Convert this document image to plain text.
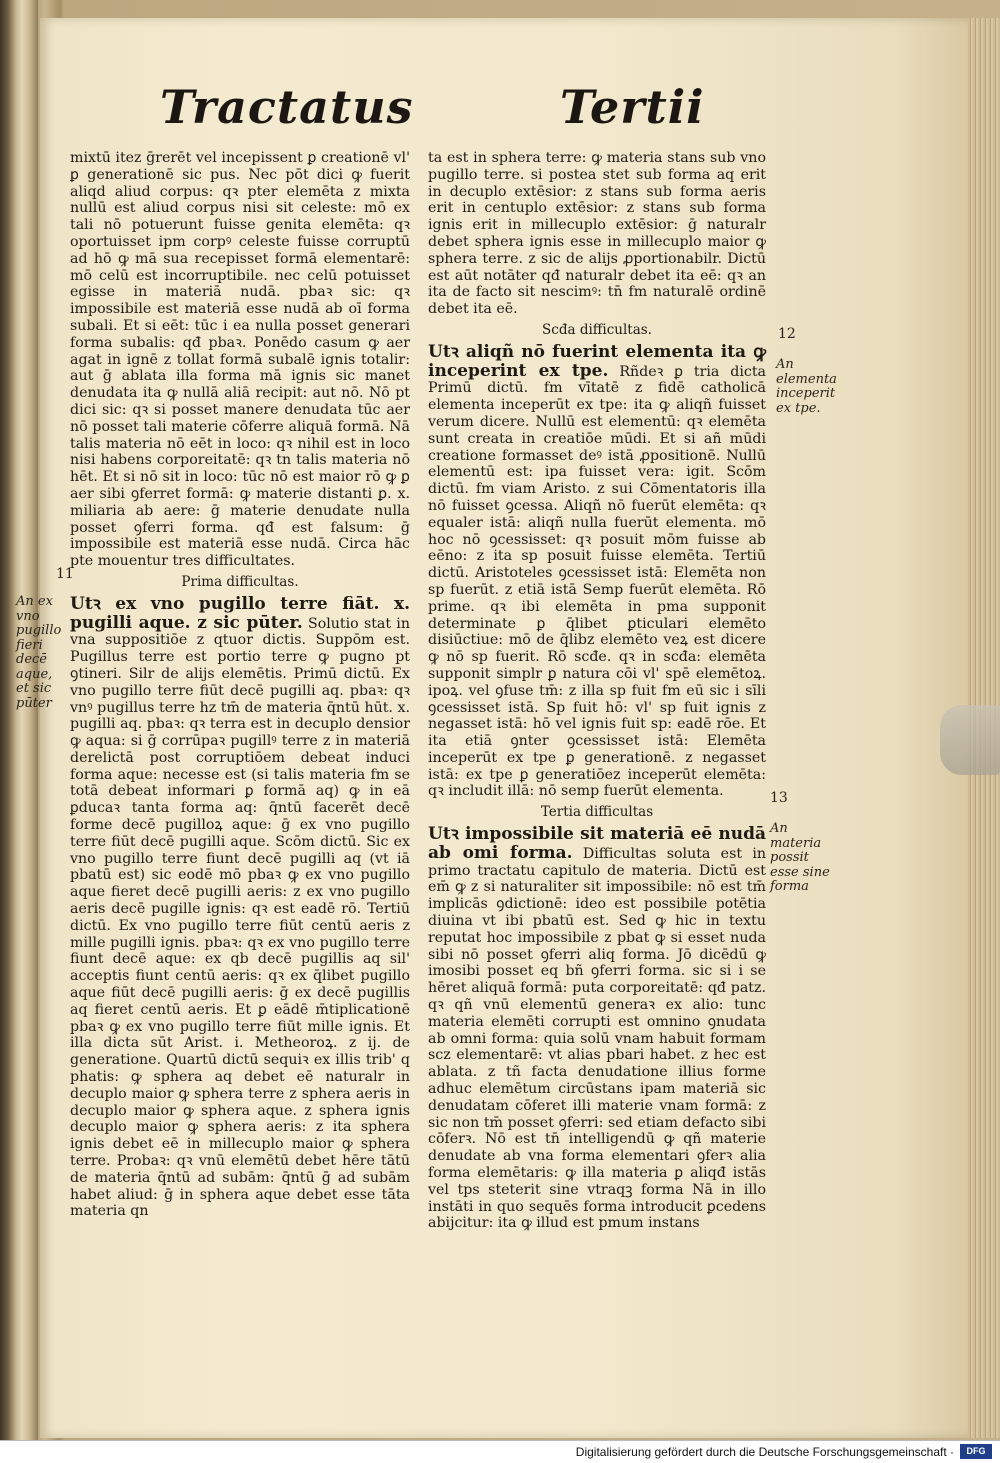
Tractatus	Tertii

mixtū itez ḡrerēt vel incepissent ꝑ creationē vl' ꝑ generationē sic pus. Nec pōt dici ꝙ fuerit aliqd aliud corpus: qꝛ pter elemēta z mixta nullū est aliud corpus nisi sit celeste: mō ex tali nō potuerunt fuisse genita elemēta: qꝛ oportuisset ipm corpꝰ celeste fuisse corruptū ad hō ꝙ mā sua recepisset formā elementarē: mō celū est incorruptibile. nec celū potuisset egisse in materiā nudā. pbaꝛ sic: qꝛ impossibile est materiā esse nudā ab oī forma subali. Et si eēt: tūc i ea nulla posset generari forma subalis: qđ pbaꝛ. Ponēdo casum ꝙ aer agat in ignē z tollat formā subalē ignis totalir: aut ḡ ablata illa forma mā ignis sic manet denudata ita ꝙ nullā aliā recipit: aut nō. Nō pt dici sic: qꝛ si posset manere denudata tūc aer nō posset tali materie cōferre aliquā formā. Nā talis materia nō eēt in loco: qꝛ nihil est in loco nisi habens corporeitatē: qꝛ tn talis materia nō hēt. Et si nō sit in loco: tūc nō est maior rō ꝙ ꝑ aer sibi ꝯferret formā: ꝙ materie distanti ꝑ. x. miliaria ab aere: ḡ materie denudate nulla posset ꝯferri forma. qđ est falsum: ḡ impossibile est materiā esse nudā. Circa hāc pte mouentur tres difficultates.

Prima difficultas.

Utꝛ ex vno pugillo terre fiāt. x. pugilli aque. z sic pūter. Solutio stat in vna suppositiōe z qtuor dictis. Suppōm est. Pugillus terre est portio terre ꝙ pugno pt ꝯtineri. Silr de alijs elemētis. Primū dictū. Ex vno pugillo terre fiūt decē pugilli aq. pbaꝛ: qꝛ vnꝰ pugillus terre hz tm̄ de materia q̄ntū hūt. x. pugilli aq. pbaꝛ: qꝛ terra est in decuplo densior ꝙ aqua: si ḡ corrūpaꝛ pugillꝰ terre z in materiā derelictā post corruptiōem debeat induci forma aque: necesse est (si talis materia fm se totā debeat informari ꝑ formā aq) ꝙ in eā ꝑducaꝛ tanta forma aq: q̄ntū facerēt decē forme decē pugilloꝝ aque: ḡ ex vno pugillo terre fiūt decē pugilli aque. Scōm dictū. Sic ex vno pugillo terre fiunt decē pugilli aq (vt iā pbatū est) sic eodē mō pbaꝛ ꝙ ex vno pugillo aque fieret decē pugilli aeris: z ex vno pugillo aeris decē pugille ignis: qꝛ est eadē rō. Tertiū dictū. Ex vno pugillo terre fiūt centū aeris z mille pugilli ignis. pbaꝛ: qꝛ ex vno pugillo terre fiunt decē aque: ex qb decē pugillis aq sil' acceptis fiunt centū aeris: qꝛ ex q̄libet pugillo aque fiūt decē pugilli aeris: ḡ ex decē pugillis aq fieret centū aeris. Et ꝑ eādē m̄tiplicationē pbaꝛ ꝙ ex vno pugillo terre fiūt mille ignis. Et illa dicta sūt Arist. i. Metheoroꝝ. z ij. de generatione. Quartū dictū sequiꝛ ex illis trib' q phatis: ꝙ sphera aq debet eē naturalr in decuplo maior ꝙ sphera terre z sphera aeris in decuplo maior ꝙ sphera aque. z sphera ignis decuplo maior ꝙ sphera aeris: z ita sphera ignis debet eē in millecuplo maior ꝙ sphera terre. Probaꝛ: qꝛ vnū elemētū debet hēre tātū de materia q̄ntū ad subām: q̄ntū ḡ ad subām habet aliud: ḡ in sphera aque debet esse tāta materia qn

ta est in sphera terre: ꝙ materia stans sub vno pugillo terre. si postea stet sub forma aq erit in decuplo extēsior: z stans sub forma aeris erit in centuplo extēsior: z stans sub forma ignis erit in millecuplo extēsior: ḡ naturalr debet sphera ignis esse in millecuplo maior ꝙ sphera terre. z sic de alijs ꝓportionabilr. Dictū est aūt notāter qđ naturalr debet ita eē: qꝛ an ita de facto sit nescimꝰ: tn̄ fm naturalē ordinē debet ita eē.

Scđa difficultas.

Utꝛ aliqñ nō fuerint elementa ita ꝙ inceperint ex tpe. Rñdeꝛ ꝑ tria dicta Primū dictū. fm vītatē z fidē catholicā elementa inceperūt ex tpe: ita ꝙ aliqñ fuisset verum dicere. Nullū est elementū: qꝛ elemēta sunt creata in creatiōe mūdi. Et si añ mūdi creatione formasset deꝰ istā ꝓpositionē. Nullū elementū est: ipa fuisset vera: igit. Scōm dictū. fm viam Aristo. z sui Cōmentatoris illa nō fuisset ꝯcessa. Aliqñ nō fuerūt elemēta: qꝛ equaler istā: aliqñ nulla fuerūt elementa. mō hoc nō ꝯcessisset: qꝛ posuit mōm fuisse ab eēno: z ita sp posuit fuisse elemēta. Tertiū dictū. Aristoteles ꝯcessisset istā: Elemēta non sp fuerūt. z etiā istā Semp fuerūt elemēta. Rō prime. qꝛ ibi elemēta in pma supponit determinate ꝑ q̄libet ꝑticulari elemēto disiūctiue: mō de q̄libz elemēto veꝝ est dicere ꝙ nō sp fuerit. Rō scđe. qꝛ in scđa: elemēta supponit simplr ꝑ natura cōi vl' spē elemētoꝝ. ipoꝝ. vel ꝯfuse tm̄: z illa sp fuit fm eū sic i sīli ꝯcessisset istā. Sp fuit hō: vl' sp fuit ignis z negasset istā: hō vel ignis fuit sp: eadē rōe. Et ita etiā ꝯnter ꝯcessisset istā: Elemēta inceperūt ex tpe ꝑ generationē. z negasset istā: ex tpe ꝑ generatiōez inceperūt elemēta: qꝛ includit illā: nō semp fuerūt elementa.

Tertia difficultas

Utꝛ impossibile sit materiā eē nudā ab omi forma. Difficultas soluta est in primo tractatu capitulo de materia. Dictū est em̄ ꝙ z si naturaliter sit impossibile: nō est tm̄ implicās ꝯdictionē: ideo est possibile potētia diuina vt ibi pbatū est. Sed ꝙ hic in textu reputat hoc impossibile z pbat ꝙ si esset nuda sibi nō posset ꝯferri aliq forma. Jō dicēdū ꝙ imosibi posset eq bñ ꝯferri forma. sic si i se hēret aliquā formā: puta corporeitatē: qđ patz. qꝛ qñ vnū elementū generaꝛ ex alio: tunc materia elemēti corrupti est omnino ꝯnudata ab omni forma: quia solū vnam habuit formam scz elementarē: vt alias pbari habet. z hec est ablata. z tñ facta denudatione illius forme adhuc elemētum circūstans ipam materiā sic denudatam cōferet illi materie vnam formā: z sic non tm̄ posset ꝯferri: sed etiam defacto sibi cōferꝛ. Nō est tn̄ intelligendū ꝙ qñ materie denudate ab vna forma elementari ꝯferꝛ alia forma elemētaris: ꝙ illa materia ꝑ aliqđ istās vel tps steterit sine vtraqꝫ forma Nā in illo instāti in quo sequēs forma introducit ꝑcedens abijcitur: ita ꝙ illud est pmum instans

11
An ex vno pugillo fieri decē aque, et sic pūter
12
An elementa inceperit ex tpe.
13
An materia possit esse sine forma
Digitalisierung gefördert durch die Deutsche Forschungsgemeinschaft ·	DFG
